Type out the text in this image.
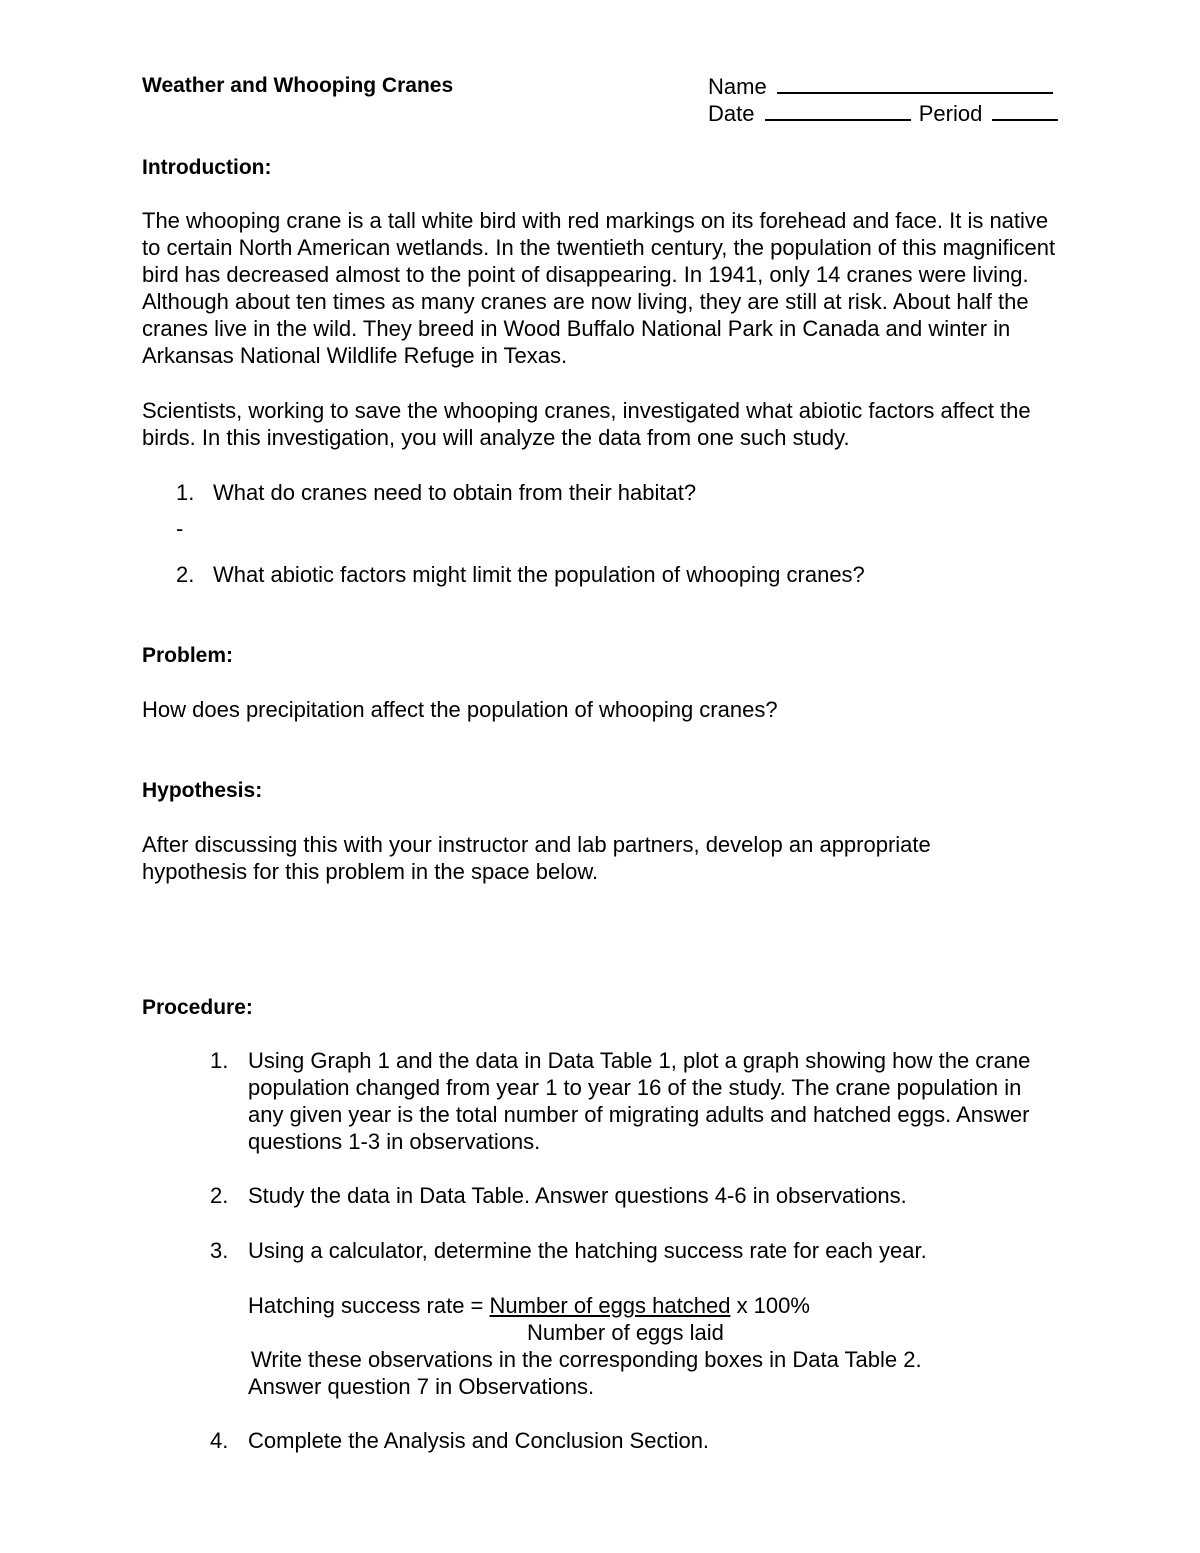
Weather and Whooping Cranes	Name
Date	Period
Introduction:

The whooping crane is a tall white bird with red markings on its forehead and face. It is native to certain North American wetlands. In the twentieth century, the population of this magnificent bird has decreased almost to the point of disappearing. In 1941, only 14 cranes were living. Although about ten times as many cranes are now living, they are still at risk. About half the cranes live in the wild. They breed in Wood Buffalo National Park in Canada and winter in Arkansas National Wildlife Refuge in Texas.

Scientists, working to save the whooping cranes, investigated what abiotic factors affect the birds. In this investigation, you will analyze the data from one such study.

1. What do cranes need to obtain from their habitat?
-
2. What abiotic factors might limit the population of whooping cranes?
Problem:
How does precipitation affect the population of whooping cranes?
Hypothesis:
After discussing this with your instructor and lab partners, develop an appropriate hypothesis for this problem in the space below.
Procedure:
1. Using Graph 1 and the data in Data Table 1, plot a graph showing how the crane population changed from year 1 to year 16 of the study. The crane population in any given year is the total number of migrating adults and hatched eggs. Answer questions 1-3 in observations.
2. Study the data in Data Table. Answer questions 4-6 in observations.
3. Using a calculator, determine the hatching success rate for each year.
Hatching success rate = Number of eggs hatched x 100%
Number of eggs laid
Write these observations in the corresponding boxes in Data Table 2.
Answer question 7 in Observations.
4. Complete the Analysis and Conclusion Section.
